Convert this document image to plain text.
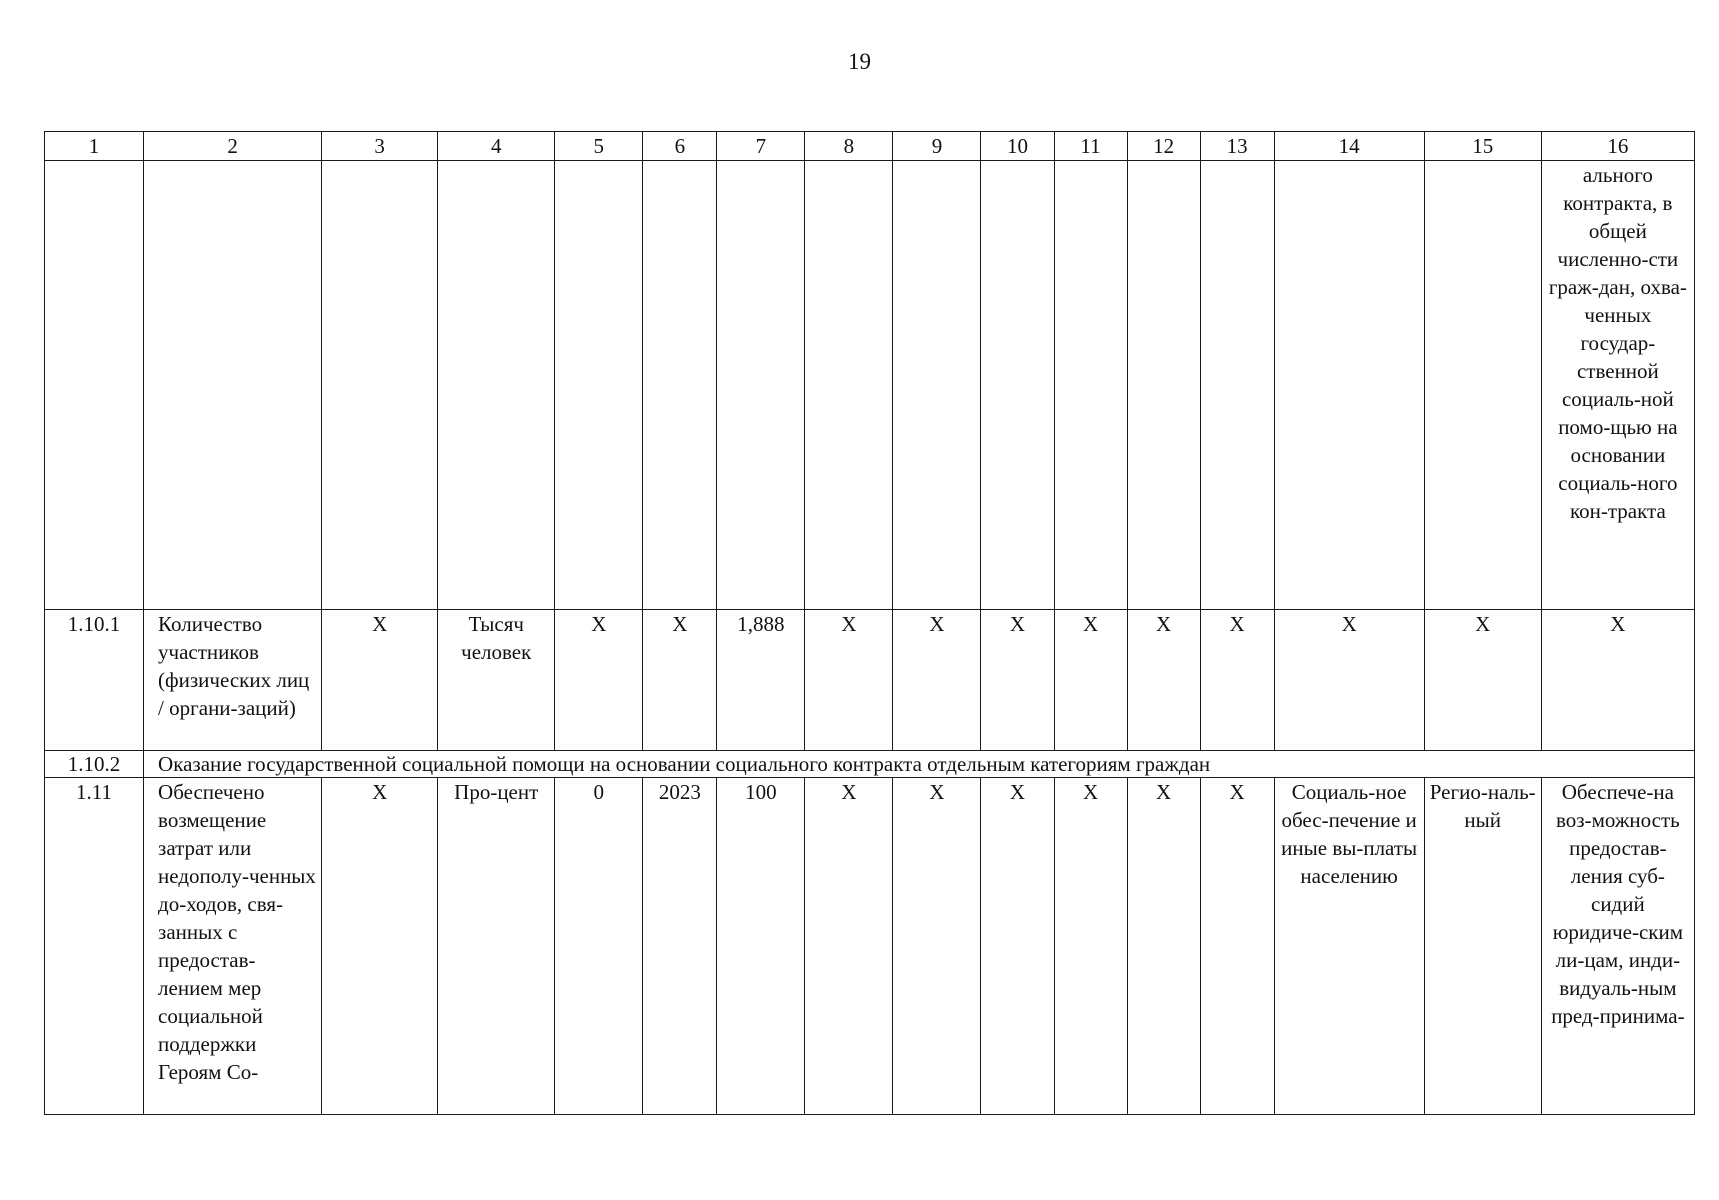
19
1	2	3	4	5	6	7	8	9	10	11	12	13	14	15	16
															ального контракта, в общей численно-сти граж-дан, охва-ченных государ-ственной социаль-ной помо-щью на основании социаль-ного кон-тракта
1.10.1	Количество участников (физических лиц / органи-заций)	X	Тысяч человек	X	X	1,888	X	X	X	X	X	X	X	X	X
1.10.2	Оказание государственной социальной помощи на основании социального контракта отдельным категориям граждан														
1.11	Обеспечено возмещение затрат или недополу-ченных до-ходов, свя-занных с предостав-лением мер социальной поддержки Героям Со-	X	Про-цент	0	2023	100	X	X	X	X	X	X	Социаль-ное обес-печение и иные вы-платы населению	Регио-наль-ный	Обеспече-на воз-можность предостав-ления суб-сидий юридиче-ским ли-цам, инди-видуаль-ным пред-принима-
